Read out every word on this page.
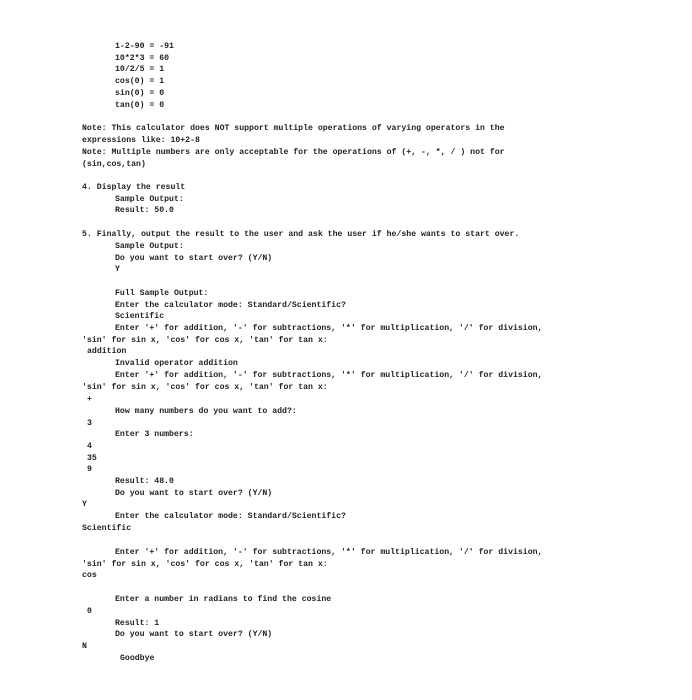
1-2-90 = -91
10*2*3 = 60
10/2/5 = 1
cos(0) = 1
sin(0) = 0
tan(0) = 0
Note: This calculator does NOT support multiple operations of varying operators in the
expressions like: 10+2-8
Note: Multiple numbers are only acceptable for the operations of (+, -, *, / ) not for
(sin,cos,tan)
4. Display the result
Sample Output:
Result: 50.0
5. Finally, output the result to the user and ask the user if he/she wants to start over.
Sample Output:
Do you want to start over? (Y/N)
Y
Full Sample Output:
Enter the calculator mode: Standard/Scientific?
Scientific
Enter '+' for addition, '-' for subtractions, '*' for multiplication, '/' for division,
'sin' for sin x, 'cos' for cos x, 'tan' for tan x:
addition
Invalid operator addition
Enter '+' for addition, '-' for subtractions, '*' for multiplication, '/' for division,
'sin' for sin x, 'cos' for cos x, 'tan' for tan x:
+
How many numbers do you want to add?:
3
Enter 3 numbers:
4
35
9
Result: 48.0
Do you want to start over? (Y/N)
Y
Enter the calculator mode: Standard/Scientific?
Scientific
Enter '+' for addition, '-' for subtractions, '*' for multiplication, '/' for division,
'sin' for sin x, 'cos' for cos x, 'tan' for tan x:
cos
Enter a number in radians to find the cosine
0
Result: 1
Do you want to start over? (Y/N)
N
Goodbye
